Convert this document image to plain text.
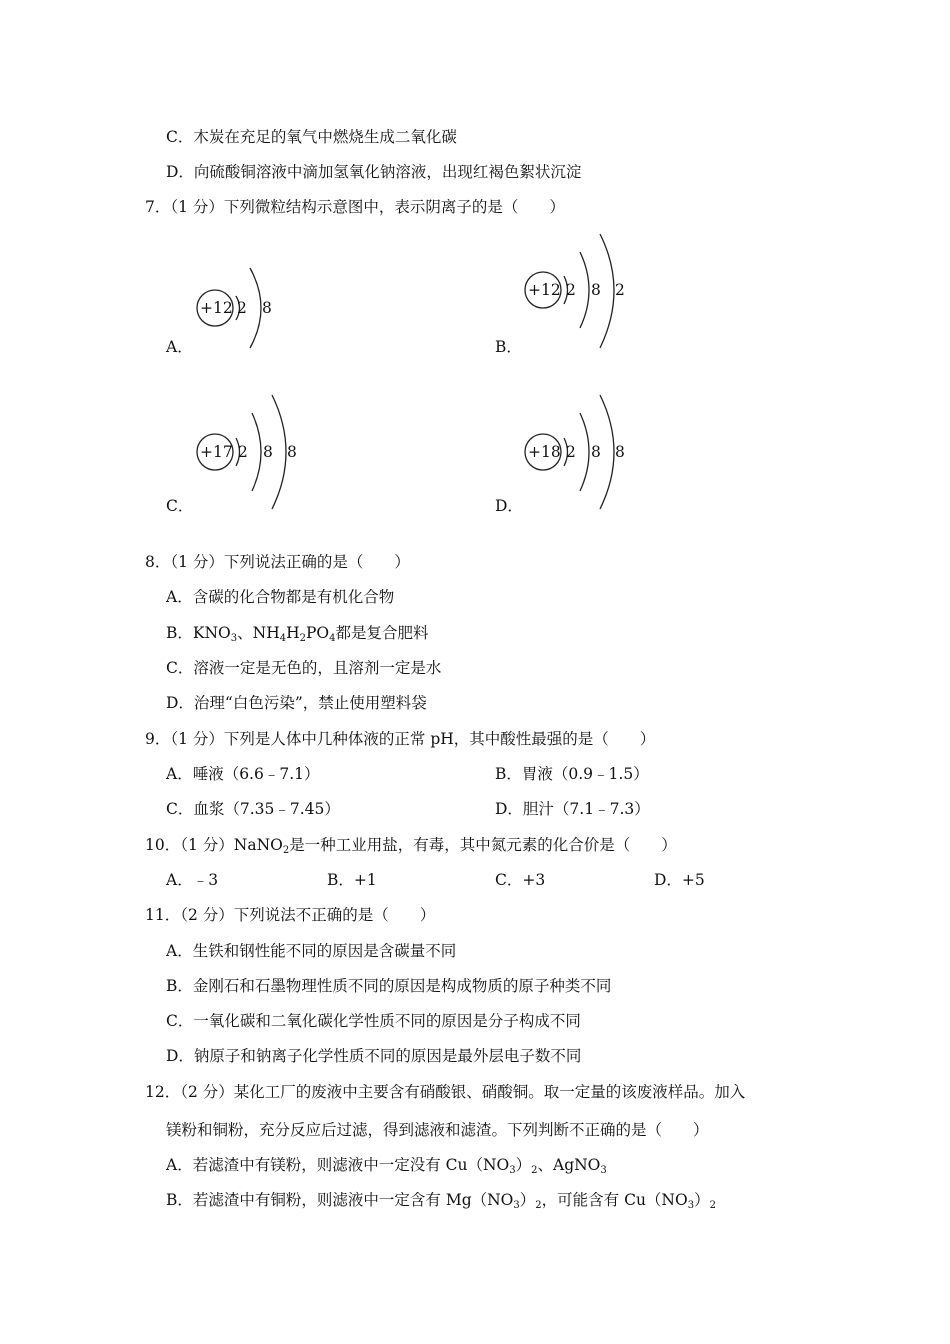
C．木炭在充足的氧气中燃烧生成二氧化碳
D．向硫酸铜溶液中滴加氢氧化钠溶液，出现红褐色絮状沉淀
7．（1 分）下列微粒结构示意图中，表示阴离子的是（　　）
+12 2 8
A．
+12 2 8 2
B．
+17 2 8 8
C．
+18 2 8 8
D．
8．（1 分）下列说法正确的是（　　）
A．含碳的化合物都是有机化合物
B．$KNO_3$、$NH_4H_2PO_4$都是复合肥料
C．溶液一定是无色的，且溶剂一定是水
D．治理“白色污染”，禁止使用塑料袋
9．（1 分）下列是人体中几种体液的正常 pH，其中酸性最强的是（　　）
A．唾液（6.6﹣7.1）	B．胃液（0.9﹣1.5）
C．血浆（7.35﹣7.45）	D．胆汁（7.1﹣7.3）
10．（1 分）NaNO$_2$是一种工业用盐，有毒，其中氮元素的化合价是（　　）
A．﹣3	B．+1	C．+3	D．+5
11．（2 分）下列说法不正确的是（　　）
A．生铁和钢性能不同的原因是含碳量不同
B．金刚石和石墨物理性质不同的原因是构成物质的原子种类不同
C．一氧化碳和二氧化碳化学性质不同的原因是分子构成不同
D．钠原子和钠离子化学性质不同的原因是最外层电子数不同
12．（2 分）某化工厂的废液中主要含有硝酸银、硝酸铜。取一定量的该废液样品。加入
镁粉和铜粉，充分反应后过滤，得到滤液和滤渣。下列判断不正确的是（　　）
A．若滤渣中有镁粉，则滤液中一定没有 $Cu(NO_3)_2$、AgNO$_3$
B．若滤渣中有铜粉，则滤液中一定含有 $Mg(NO_3)_2$，可能含有 $Cu(NO_3)_2$
